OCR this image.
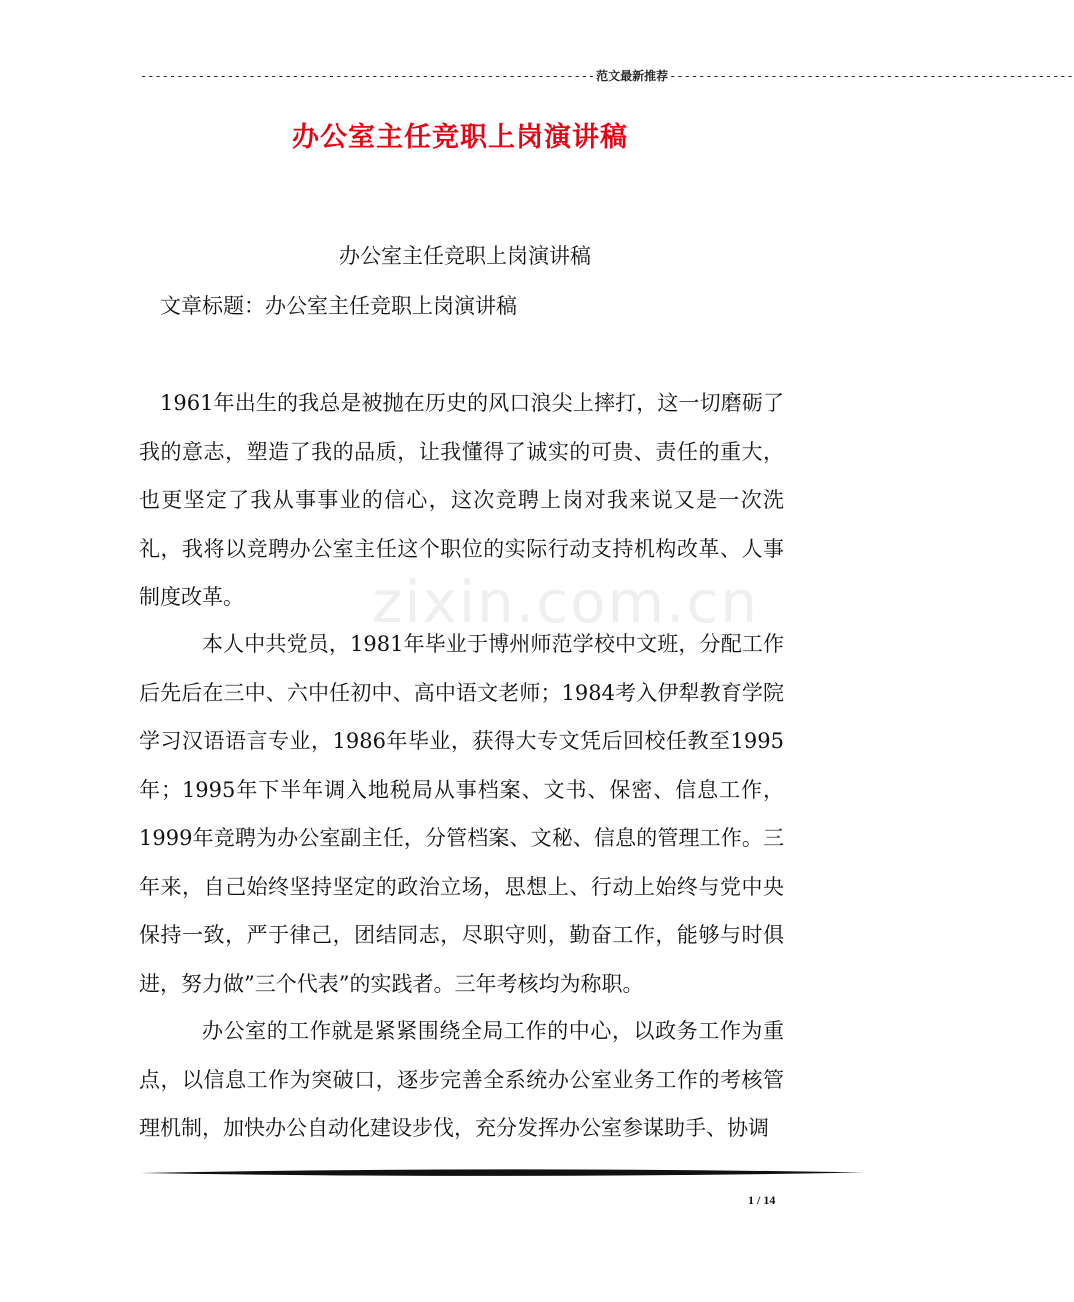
--------------------------------------------------------------- 范文最新推荐 --------------------------------------------------------
办公室主任竞职上岗演讲稿
办公室主任竞职上岗演讲稿
文章标题：办公室主任竞职上岗演讲稿
zixin.com.cn

1961年出生的我总是被抛在历史的风口浪尖上摔打，这一切磨砺了我的意志，塑造了我的品质，让我懂得了诚实的可贵、责任的重大，也更坚定了我从事事业的信心，这次竞聘上岗对我来说又是一次洗礼，我将以竞聘办公室主任这个职位的实际行动支持机构改革、人事制度改革。

本人中共党员，1981年毕业于博州师范学校中文班，分配工作后先后在三中、六中任初中、高中语文老师；1984考入伊犁教育学院学习汉语语言专业，1986年毕业，获得大专文凭后回校任教至1995年；1995年下半年调入地税局从事档案、文书、保密、信息工作，1999年竞聘为办公室副主任，分管档案、文秘、信息的管理工作。三年来，自己始终坚持坚定的政治立场，思想上、行动上始终与党中央保持一致，严于律己，团结同志，尽职守则，勤奋工作，能够与时俱进，努力做”三个代表”的实践者。三年考核均为称职。

办公室的工作就是紧紧围绕全局工作的中心，以政务工作为重点，以信息工作为突破口，逐步完善全系统办公室业务工作的考核管理机制，加快办公自动化建设步伐，充分发挥办公室参谋助手、协调

1 / 14
